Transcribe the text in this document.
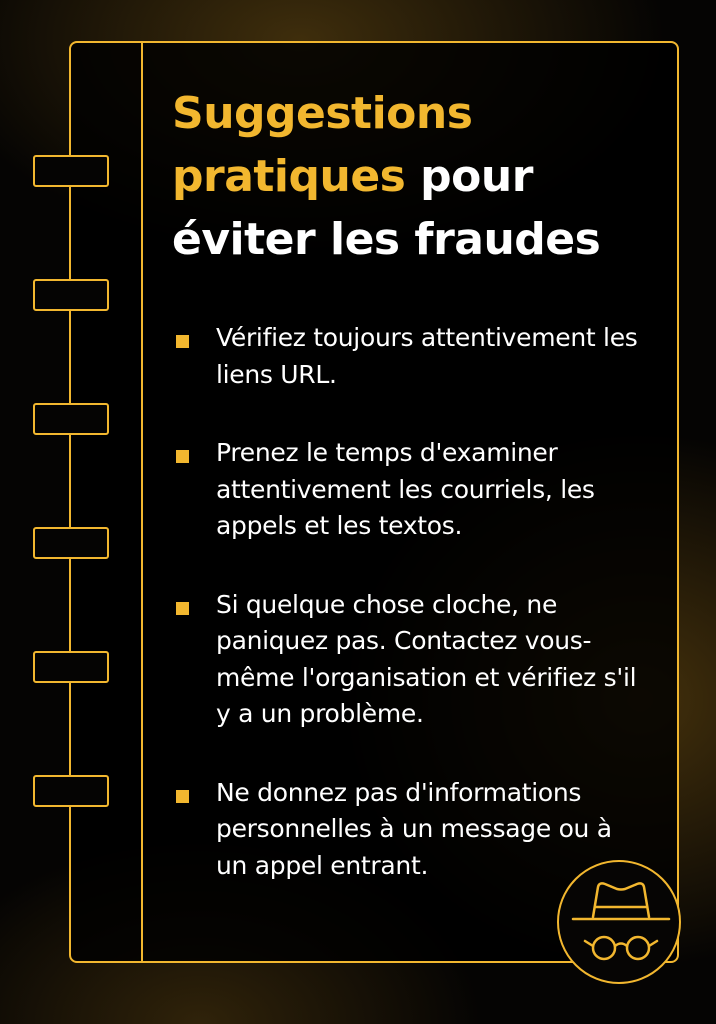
Suggestions
pratiques pour
éviter les fraudes
Vérifiez toujours attentivement les liens URL.
Prenez le temps d'examiner attentivement les courriels, les appels et les textos.
Si quelque chose cloche, ne paniquez pas. Contactez vous-même l'organisation et vérifiez s'il y a un problème.
Ne donnez pas d'informations personnelles à un message ou à un appel entrant.
